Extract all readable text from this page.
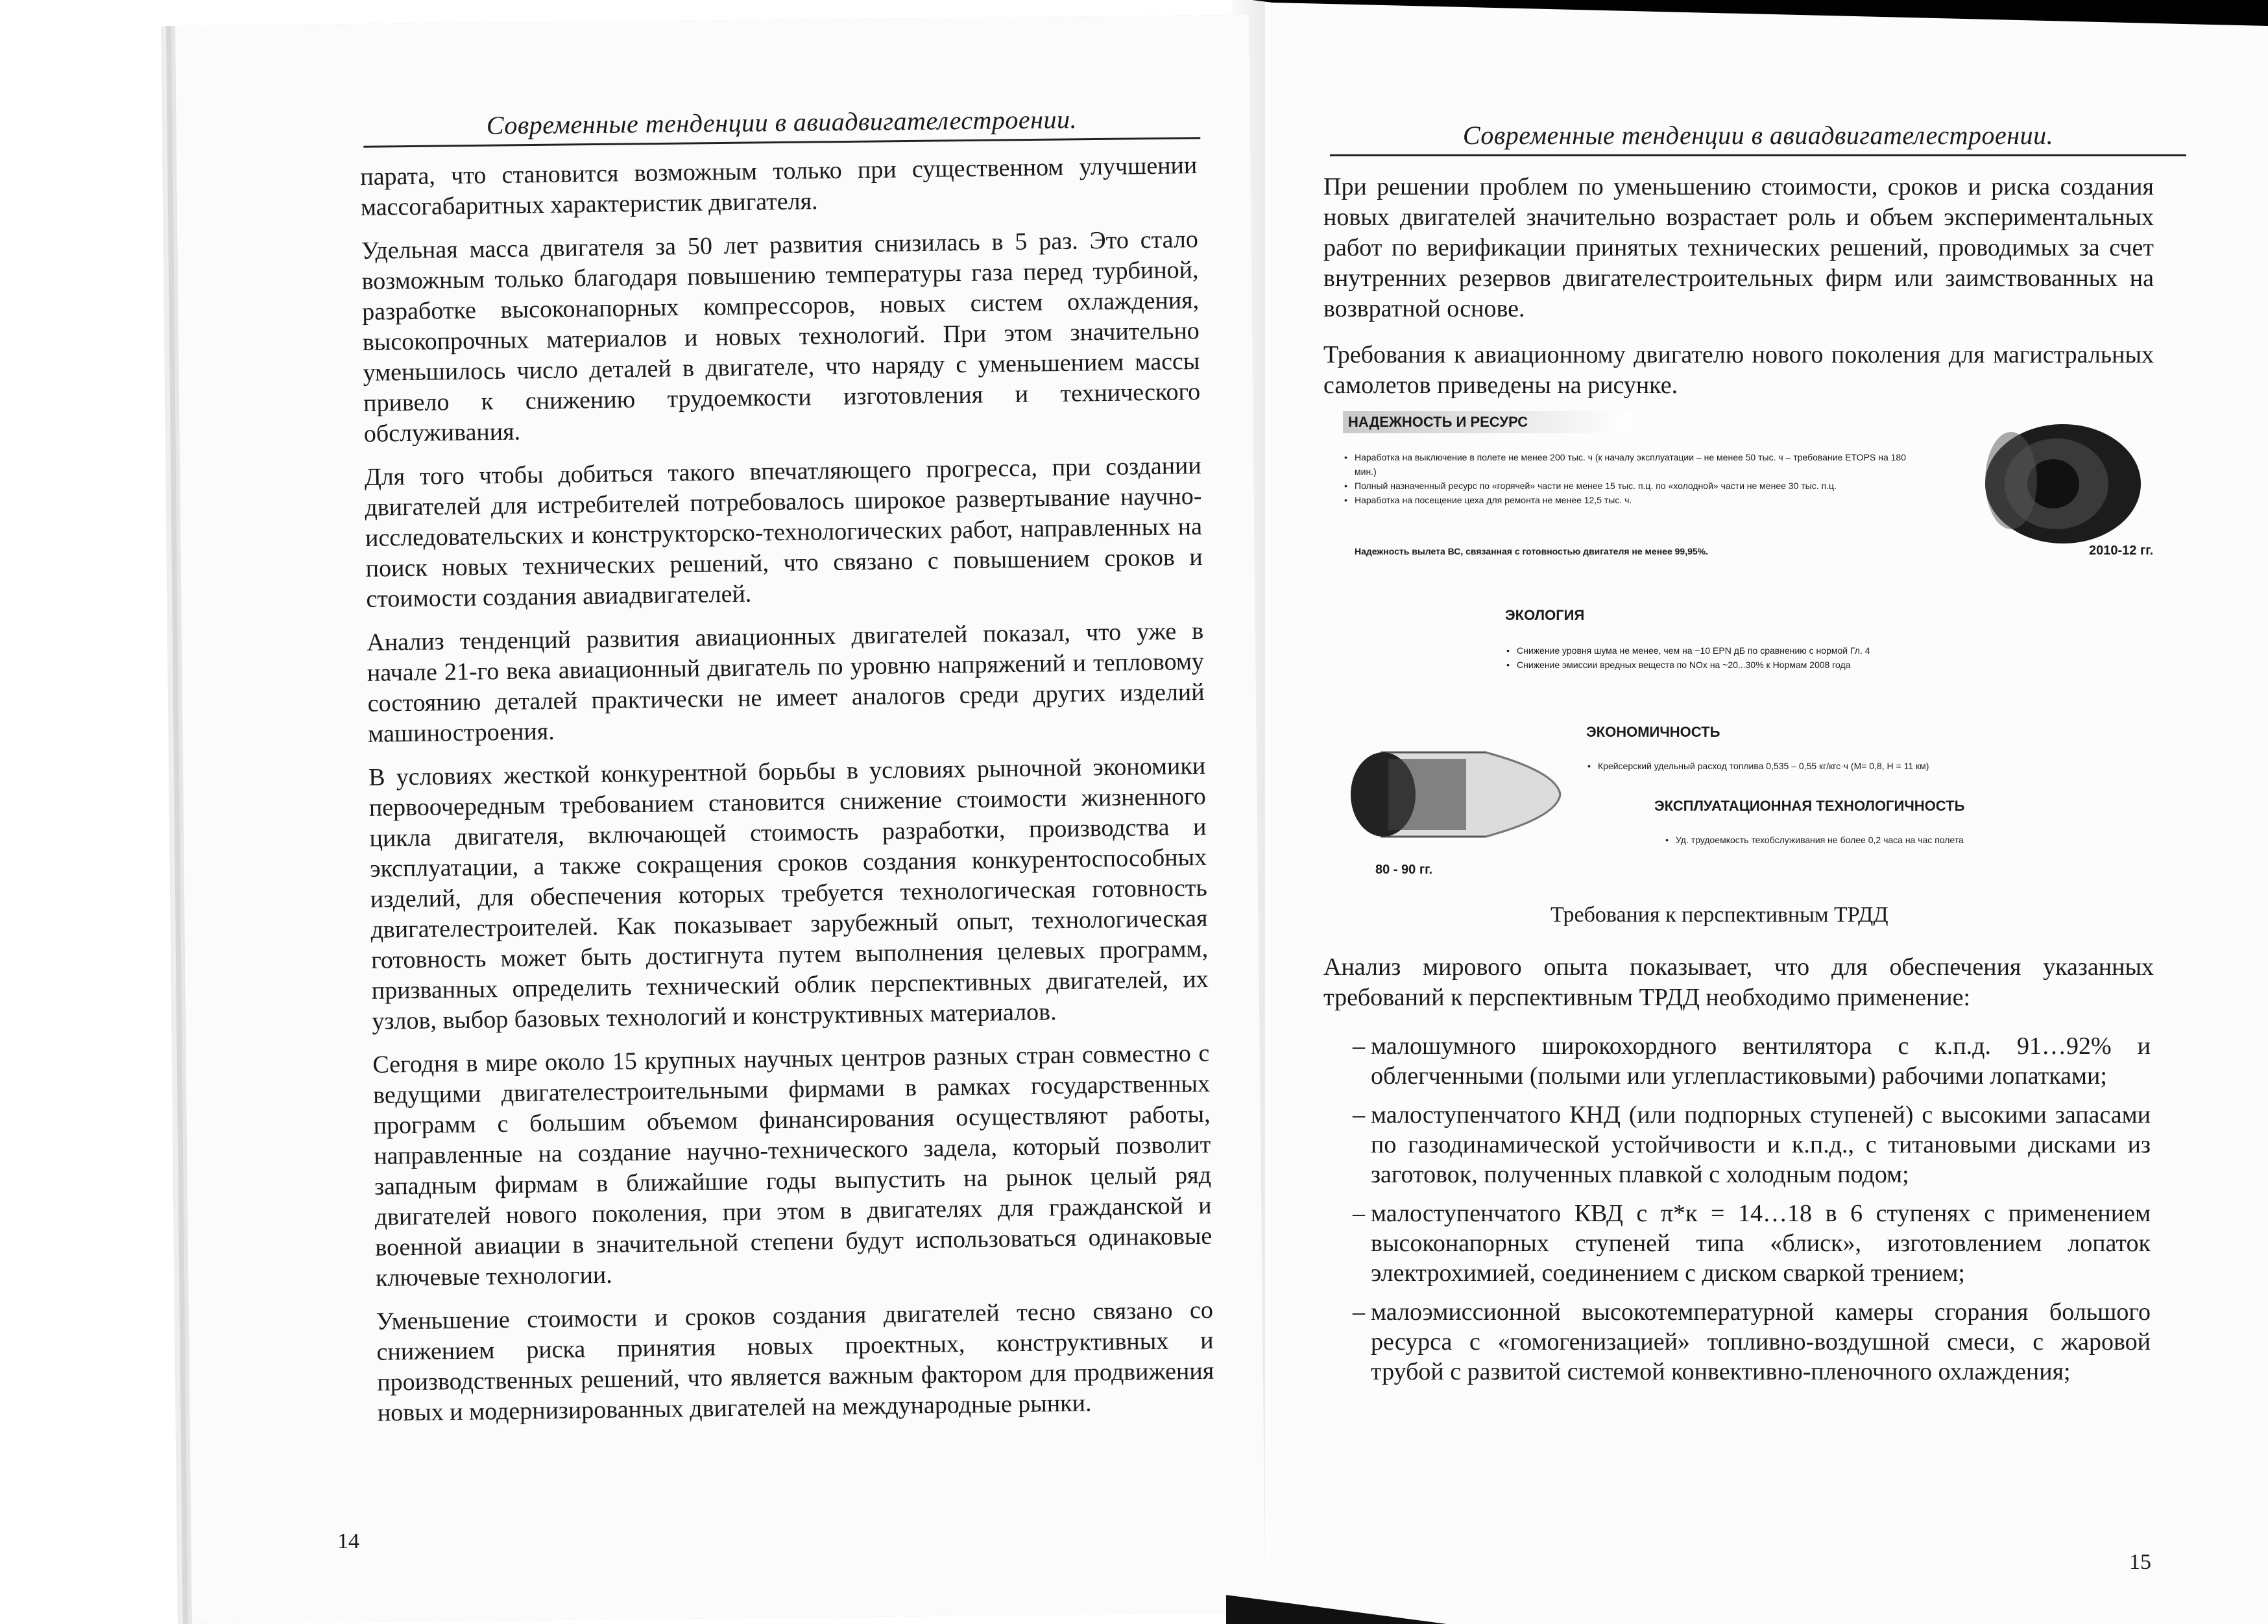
Современные тенденции в авиадвигателестроении.

парата, что становится возможным только при существенном улучшении массогабаритных характеристик двигателя.

Удельная масса двигателя за 50 лет развития снизилась в 5 раз. Это стало возможным только благодаря повышению температуры газа перед турбиной, разработке высоконапорных компрессоров, новых систем охлаждения, высокопрочных материалов и новых технологий. При этом значительно уменьшилось число деталей в двигателе, что наряду с уменьшением массы привело к снижению трудоемкости изготовления и технического обслуживания.

Для того чтобы добиться такого впечатляющего прогресса, при создании двигателей для истребителей потребовалось широкое развертывание научно-исследовательских и конструкторско-технологических работ, направленных на поиск новых технических решений, что связано с повышением сроков и стоимости создания авиадвигателей.

Анализ тенденций развития авиационных двигателей показал, что уже в начале 21-го века авиационный двигатель по уровню напряжений и тепловому состоянию деталей практически не имеет аналогов среди других изделий машиностроения.

В условиях жесткой конкурентной борьбы в условиях рыночной экономики первоочередным требованием становится снижение стоимости жизненного цикла двигателя, включающей стоимость разработки, производства и эксплуатации, а также сокращения сроков создания конкурентоспособных изделий, для обеспечения которых требуется технологическая готовность двигателестроителей. Как показывает зарубежный опыт, технологическая готовность может быть достигнута путем выполнения целевых программ, призванных определить технический облик перспективных двигателей, их узлов, выбор базовых технологий и конструктивных материалов.

Сегодня в мире около 15 крупных научных центров разных стран совместно с ведущими двигателестроительными фирмами в рамках государственных программ с большим объемом финансирования осуществляют работы, направленные на создание научно-технического задела, который позволит западным фирмам в ближайшие годы выпустить на рынок целый ряд двигателей нового поколения, при этом в двигателях для гражданской и военной авиации в значительной степени будут использоваться одинаковые ключевые технологии.

Уменьшение стоимости и сроков создания двигателей тесно связано со снижением риска принятия новых проектных, конструктивных и производственных решений, что является важным фактором для продвижения новых и модернизированных двигателей на международные рынки.

14
Современные тенденции в авиадвигателестроении.

При решении проблем по уменьшению стоимости, сроков и риска создания новых двигателей значительно возрастает роль и объем экспериментальных работ по верификации принятых технических решений, проводимых за счет внутренних резервов двигателестроительных фирм или заимствованных на возвратной основе.

Требования к авиационному двигателю нового поколения для магистральных самолетов приведены на рисунке.

НАДЕЖНОСТЬ И РЕСУРС
• Наработка на выключение в полете не менее 200 тыс. ч (к началу эксплуатации – не менее 50 тыс. ч – требование ETOPS на 180 мин.)
• Полный назначенный ресурс по «горячей» части не менее 15 тыс. п.ц. по «холодной» части не менее 30 тыс. п.ц.
• Наработка на посещение цеха для ремонта не менее 12,5 тыс. ч.
Надежность вылета ВС, связанная с готовностью двигателя не менее 99,95%.	2010-12 гг.
ЭКОЛОГИЯ
• Снижение уровня шума не менее, чем на ~10 EPN дБ по сравнению с нормой Гл. 4
• Снижение эмиссии вредных веществ по NOx на ~20...30% к Нормам 2008 года
ЭКОНОМИЧНОСТЬ
• Крейсерский удельный расход топлива 0,535 – 0,55 кг/кгс·ч (М= 0,8, Н = 11 км)
ЭКСПЛУАТАЦИОННАЯ ТЕХНОЛОГИЧНОСТЬ
• Уд. трудоемкость техобслуживания не более 0,2 часа на час полета
80 - 90 гг.
Требования к перспективным ТРДД
Анализ мирового опыта показывает, что для обеспечения указанных требований к перспективным ТРДД необходимо применение:
– малошумного широкохордного вентилятора с к.п.д. 91…92% и облегченными (полыми или углепластиковыми) рабочими лопатками;
– малоступенчатого КНД (или подпорных ступеней) с высокими запасами по газодинамической устойчивости и к.п.д., с титановыми дисками из заготовок, полученных плавкой с холодным подом;
– малоступенчатого КВД с π*к = 14…18 в 6 ступенях с применением высоконапорных ступеней типа «блиск», изготовлением лопаток электрохимией, соединением с диском сваркой трением;
– малоэмиссионной высокотемпературной камеры сгорания большого ресурса с «гомогенизацией» топливно-воздушной смеси, с жаровой трубой с развитой системой конвективно-пленочного охлаждения;
15
